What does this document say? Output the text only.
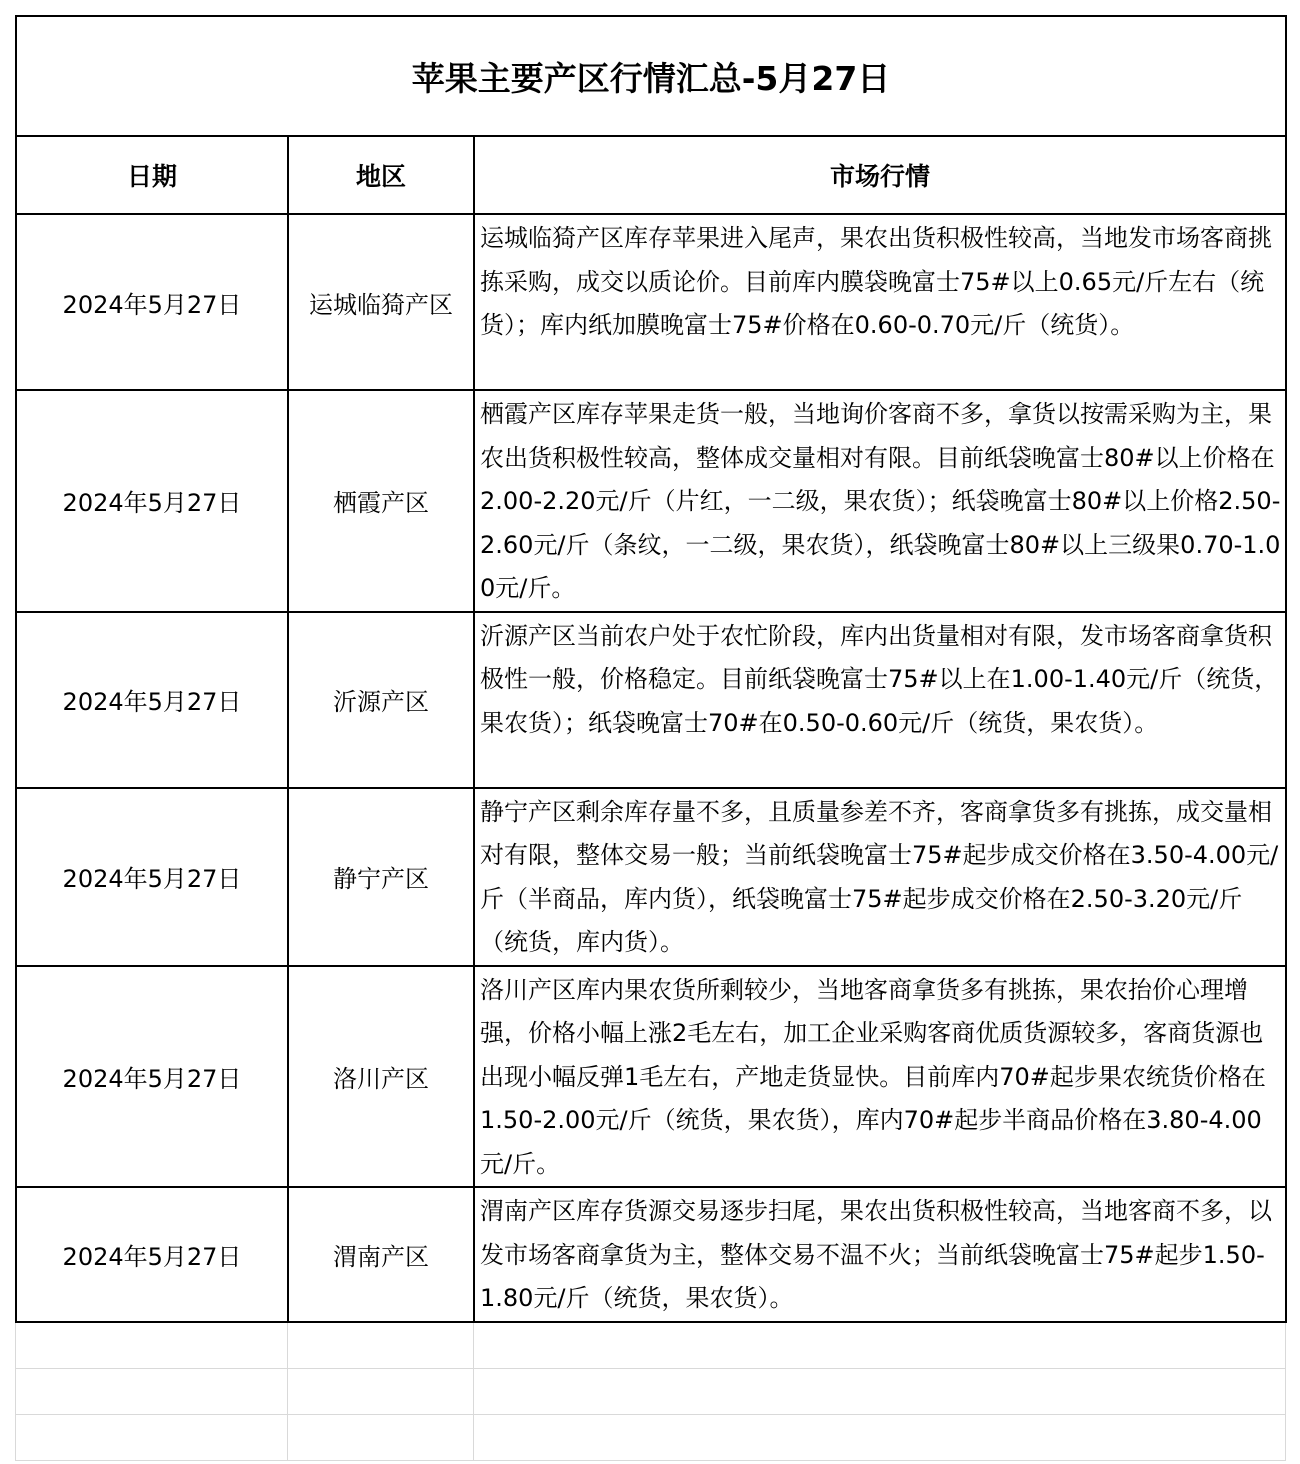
苹果主要产区行情汇总-5月27日		
日期	地区	市场行情
2024年5月27日	运城临猗产区	运城临猗产区库存苹果进入尾声，果农出货积极性较高，当地发市场客商挑拣采购，成交以质论价。目前库内膜袋晚富士75#以上0.65元/斤左右（统货）；库内纸加膜晚富士75#价格在0.60-0.70元/斤（统货）。
2024年5月27日	栖霞产区	栖霞产区库存苹果走货一般，当地询价客商不多，拿货以按需采购为主，果农出货积极性较高，整体成交量相对有限。目前纸袋晚富士80#以上价格在2.00-2.20元/斤（片红，一二级，果农货）；纸袋晚富士80#以上价格2.50-2.60元/斤（条纹，一二级，果农货），纸袋晚富士80#以上三级果0.70-1.00元/斤。
2024年5月27日	沂源产区	沂源产区当前农户处于农忙阶段，库内出货量相对有限，发市场客商拿货积极性一般，价格稳定。目前纸袋晚富士75#以上在1.00-1.40元/斤（统货，果农货）；纸袋晚富士70#在0.50-0.60元/斤（统货，果农货）。
2024年5月27日	静宁产区	静宁产区剩余库存量不多，且质量参差不齐，客商拿货多有挑拣，成交量相对有限，整体交易一般；当前纸袋晚富士75#起步成交价格在3.50-4.00元/斤（半商品，库内货），纸袋晚富士75#起步成交价格在2.50-3.20元/斤（统货，库内货）。
2024年5月27日	洛川产区	洛川产区库内果农货所剩较少，当地客商拿货多有挑拣，果农抬价心理增强，价格小幅上涨2毛左右，加工企业采购客商优质货源较多，客商货源也出现小幅反弹1毛左右，产地走货显快。目前库内70#起步果农统货价格在1.50-2.00元/斤（统货，果农货），库内70#起步半商品价格在3.80-4.00元/斤。
2024年5月27日	渭南产区	渭南产区库存货源交易逐步扫尾，果农出货积极性较高，当地客商不多，以发市场客商拿货为主，整体交易不温不火；当前纸袋晚富士75#起步1.50-1.80元/斤（统货，果农货）。
